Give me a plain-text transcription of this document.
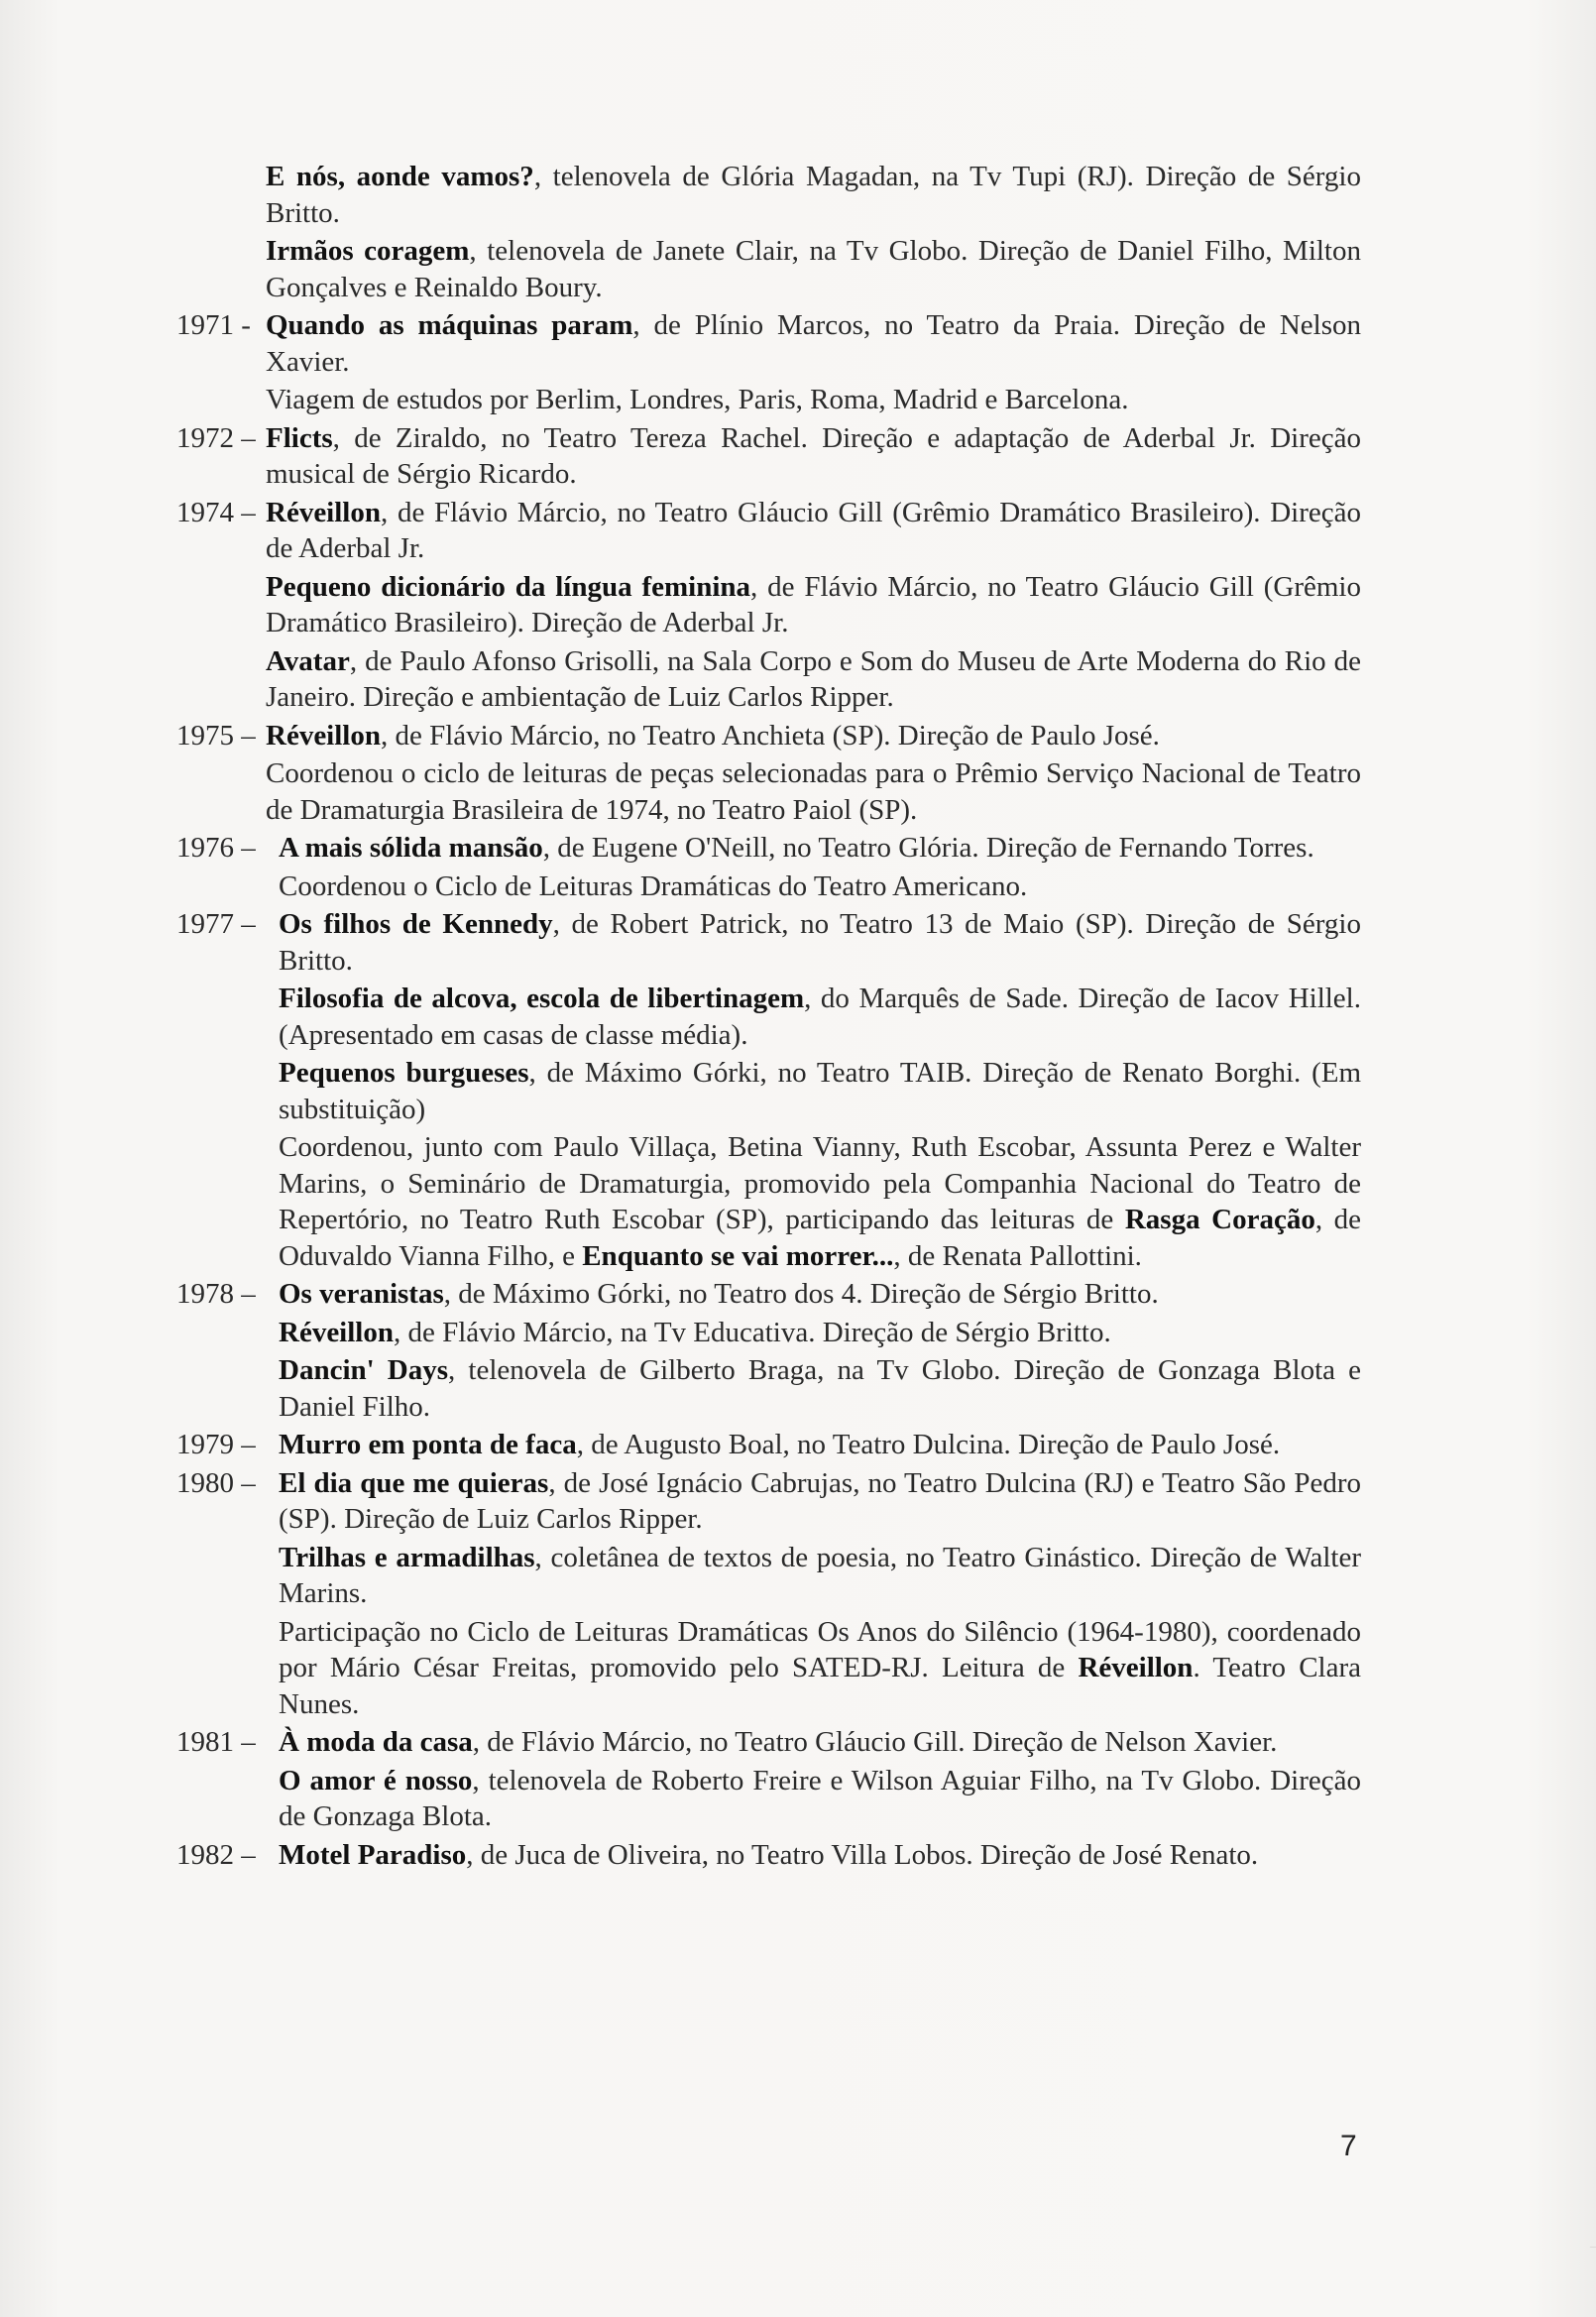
E nós, aonde vamos?, telenovela de Glória Magadan, na Tv Tupi (RJ). Direção de Sérgio Britto.

Irmãos coragem, telenovela de Janete Clair, na Tv Globo. Direção de Daniel Filho, Milton Gonçalves e Reinaldo Boury.

1971 - Quando as máquinas param, de Plínio Marcos, no Teatro da Praia. Direção de Nelson Xavier.

Viagem de estudos por Berlim, Londres, Paris, Roma, Madrid e Barcelona.

1972 – Flicts, de Ziraldo, no Teatro Tereza Rachel. Direção e adaptação de Aderbal Jr. Direção musical de Sérgio Ricardo.

1974 – Réveillon, de Flávio Márcio, no Teatro Gláucio Gill (Grêmio Dramático Brasileiro). Direção de Aderbal Jr.

Pequeno dicionário da língua feminina, de Flávio Márcio, no Teatro Gláucio Gill (Grêmio Dramático Brasileiro). Direção de Aderbal Jr.

Avatar, de Paulo Afonso Grisolli, na Sala Corpo e Som do Museu de Arte Moderna do Rio de Janeiro. Direção e ambientação de Luiz Carlos Ripper.

1975 – Réveillon, de Flávio Márcio, no Teatro Anchieta (SP). Direção de Paulo José.

Coordenou o ciclo de leituras de peças selecionadas para o Prêmio Serviço Nacional de Teatro de Dramaturgia Brasileira de 1974, no Teatro Paiol (SP).

1976 – A mais sólida mansão, de Eugene O'Neill, no Teatro Glória. Direção de Fernando Torres.

Coordenou o Ciclo de Leituras Dramáticas do Teatro Americano.

1977 – Os filhos de Kennedy, de Robert Patrick, no Teatro 13 de Maio (SP). Direção de Sérgio Britto.

Filosofia de alcova, escola de libertinagem, do Marquês de Sade. Direção de Iacov Hillel. (Apresentado em casas de classe média).

Pequenos burgueses, de Máximo Górki, no Teatro TAIB. Direção de Renato Borghi. (Em substituição)

Coordenou, junto com Paulo Villaça, Betina Vianny, Ruth Escobar, Assunta Perez e Walter Marins, o Seminário de Dramaturgia, promovido pela Companhia Nacional do Teatro de Repertório, no Teatro Ruth Escobar (SP), participando das leituras de Rasga Coração, de Oduvaldo Vianna Filho, e Enquanto se vai morrer..., de Renata Pallottini.

1978 – Os veranistas, de Máximo Górki, no Teatro dos 4. Direção de Sérgio Britto.

Réveillon, de Flávio Márcio, na Tv Educativa. Direção de Sérgio Britto.

Dancin' Days, telenovela de Gilberto Braga, na Tv Globo. Direção de Gonzaga Blota e Daniel Filho.

1979 – Murro em ponta de faca, de Augusto Boal, no Teatro Dulcina. Direção de Paulo José.

1980 – El dia que me quieras, de José Ignácio Cabrujas, no Teatro Dulcina (RJ) e Teatro São Pedro (SP). Direção de Luiz Carlos Ripper.

Trilhas e armadilhas, coletânea de textos de poesia, no Teatro Ginástico. Direção de Walter Marins.

Participação no Ciclo de Leituras Dramáticas Os Anos do Silêncio (1964-1980), coordenado por Mário César Freitas, promovido pelo SATED-RJ. Leitura de Réveillon. Teatro Clara Nunes.

1981 – À moda da casa, de Flávio Márcio, no Teatro Gláucio Gill. Direção de Nelson Xavier.

O amor é nosso, telenovela de Roberto Freire e Wilson Aguiar Filho, na Tv Globo. Direção de Gonzaga Blota.

1982 – Motel Paradiso, de Juca de Oliveira, no Teatro Villa Lobos. Direção de José Renato.

7
